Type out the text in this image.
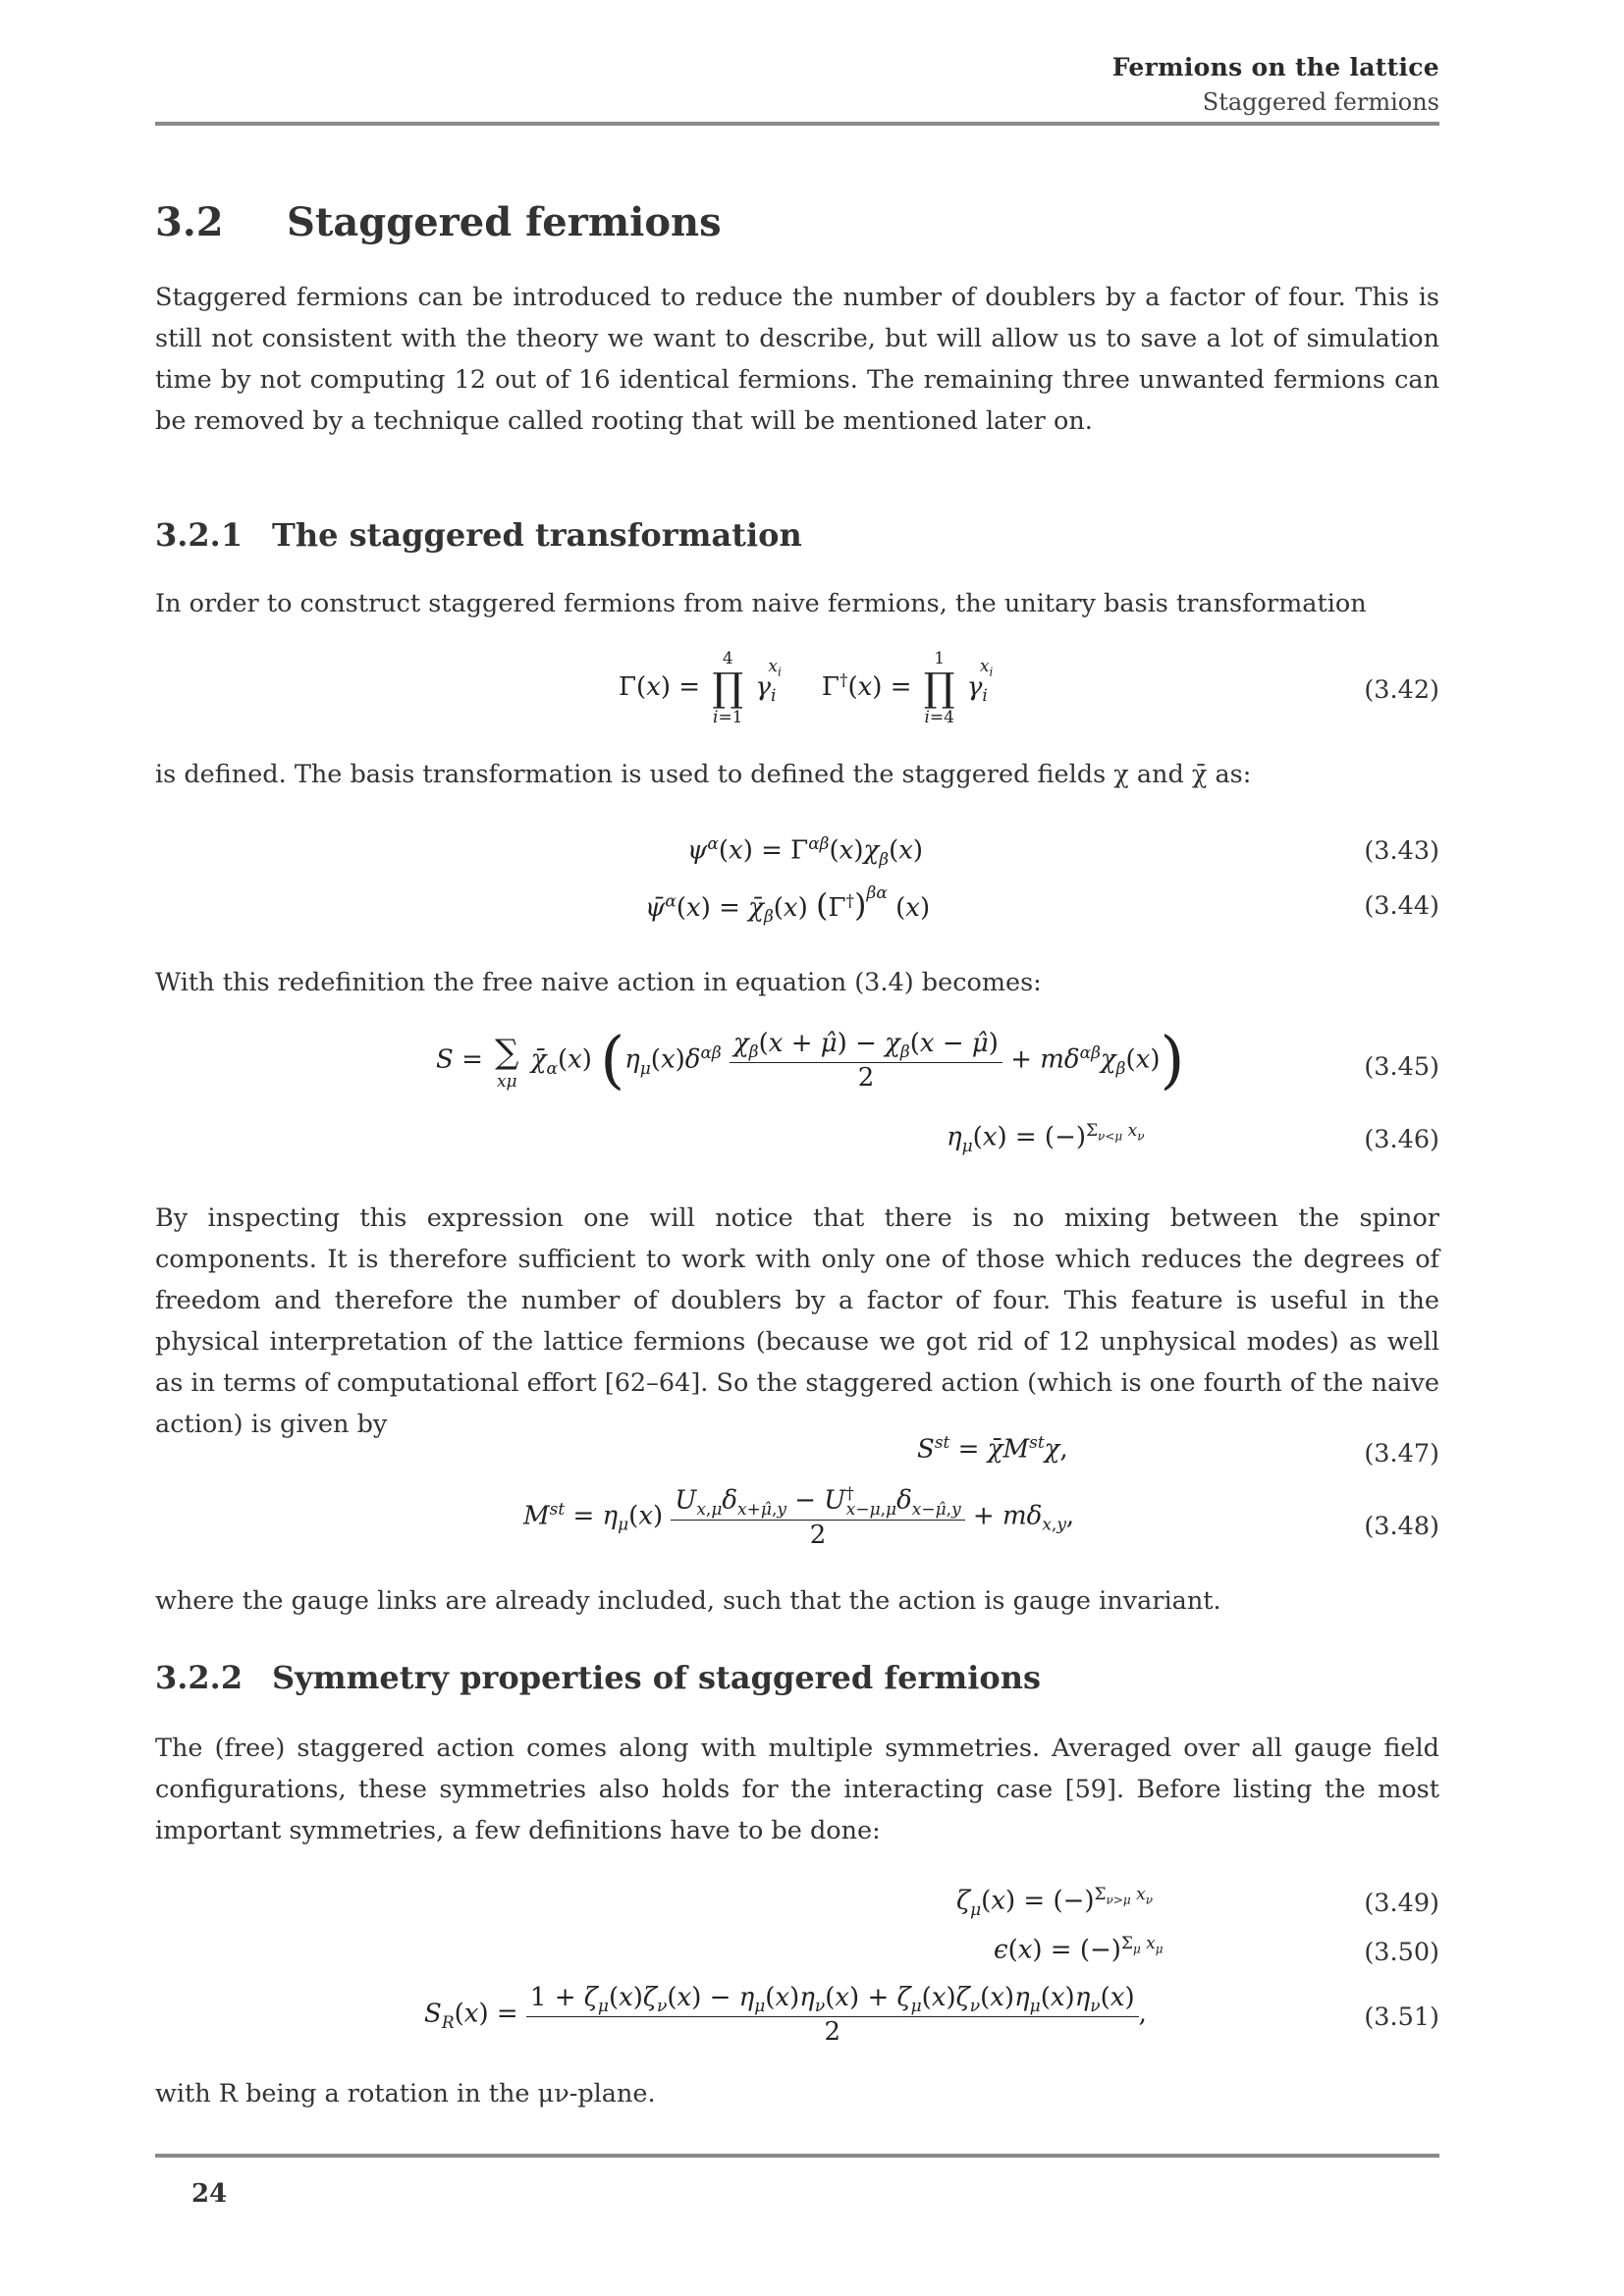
Fermions on the lattice
Staggered fermions
3.2 Staggered fermions
Staggered fermions can be introduced to reduce the number of doublers by a factor of four. This is still not consistent with the theory we want to describe, but will allow us to save a lot of simulation time by not computing 12 out of 16 identical fermions. The remaining three unwanted fermions can be removed by a technique called rooting that will be mentioned later on.
3.2.1 The staggered transformation
In order to construct staggered fermions from naive fermions, the unitary basis transformation
Γ(x) =
4
∏
i=1
$\gamma_i^{x_i}$    Γ†(x) =
1
∏
i=4
$\gamma_i^{x_i}$
(3.42)
is defined. The basis transformation is used to defined the staggered fields χ and χ̄ as:
$\psi^\alpha(x) = \Gamma^{\alpha\beta}(x)\chi_\beta(x)$	(3.43)
ψ̄$^\alpha$(x) = $\chī_\beta(x)$ $(\Gamma^\dagger)^{\beta\alpha}$ (x)	(3.44)
With this redefinition the free naive action in equation (3.4) becomes:
S = ∑
xμ
$\chī_\alpha(x)$ $(\eta_\mu(x)\delta^{\alpha\beta} \frac{\chi_\beta(x + \mû) - \chi_\beta(x - \mû)}{2} + m\delta^{\alpha\beta}\chi_\beta(x))$	(3.45)
$\eta_\mu(x) = (-)^{\Sigma_{\nu<\mu} x_\nu}$	(3.46)
By inspecting this expression one will notice that there is no mixing between the spinor components. It is therefore sufficient to work with only one of those which reduces the degrees of freedom and therefore the number of doublers by a factor of four. This feature is useful in the physical interpretation of the lattice fermions (because we got rid of 12 unphysical modes) as well as in terms of computational effort [62–64]. So the staggered action (which is one fourth of the naive action) is given by
$S^{st}$ = χ̄Mstχ,	(3.47)
$Mst = \eta_\mu(x) \frac{U_{x,\mu}\delta_{x+\mû,y} - U^\dagger_{x-\mu,\mu}\delta_{x-\mû,y}}{2} + m\delta_{x,y}$,	(3.48)
where the gauge links are already included, such that the action is gauge invariant.
3.2.2 Symmetry properties of staggered fermions
The (free) staggered action comes along with multiple symmetries. Averaged over all gauge field configurations, these symmetries also holds for the interacting case [59]. Before listing the most important symmetries, a few definitions have to be done:
$\zeta_\mu(x) = (-)^{\Sigma_{\nu>\mu} x_\nu}$	(3.49)
$\epsilon(x) = (-)^{\Sigma_\mu x_\mu}$	(3.50)
$S_R(x) = \frac{1 + \zeta_\mu(x)\zeta_\nu(x) - \eta_\mu(x)\eta_\nu(x) + \zeta_\mu(x)\zeta_\nu(x)\eta_\mu(x)\eta_\nu(x)}{2}$ ,	(3.51)
with R being a rotation in the μν-plane.
24
